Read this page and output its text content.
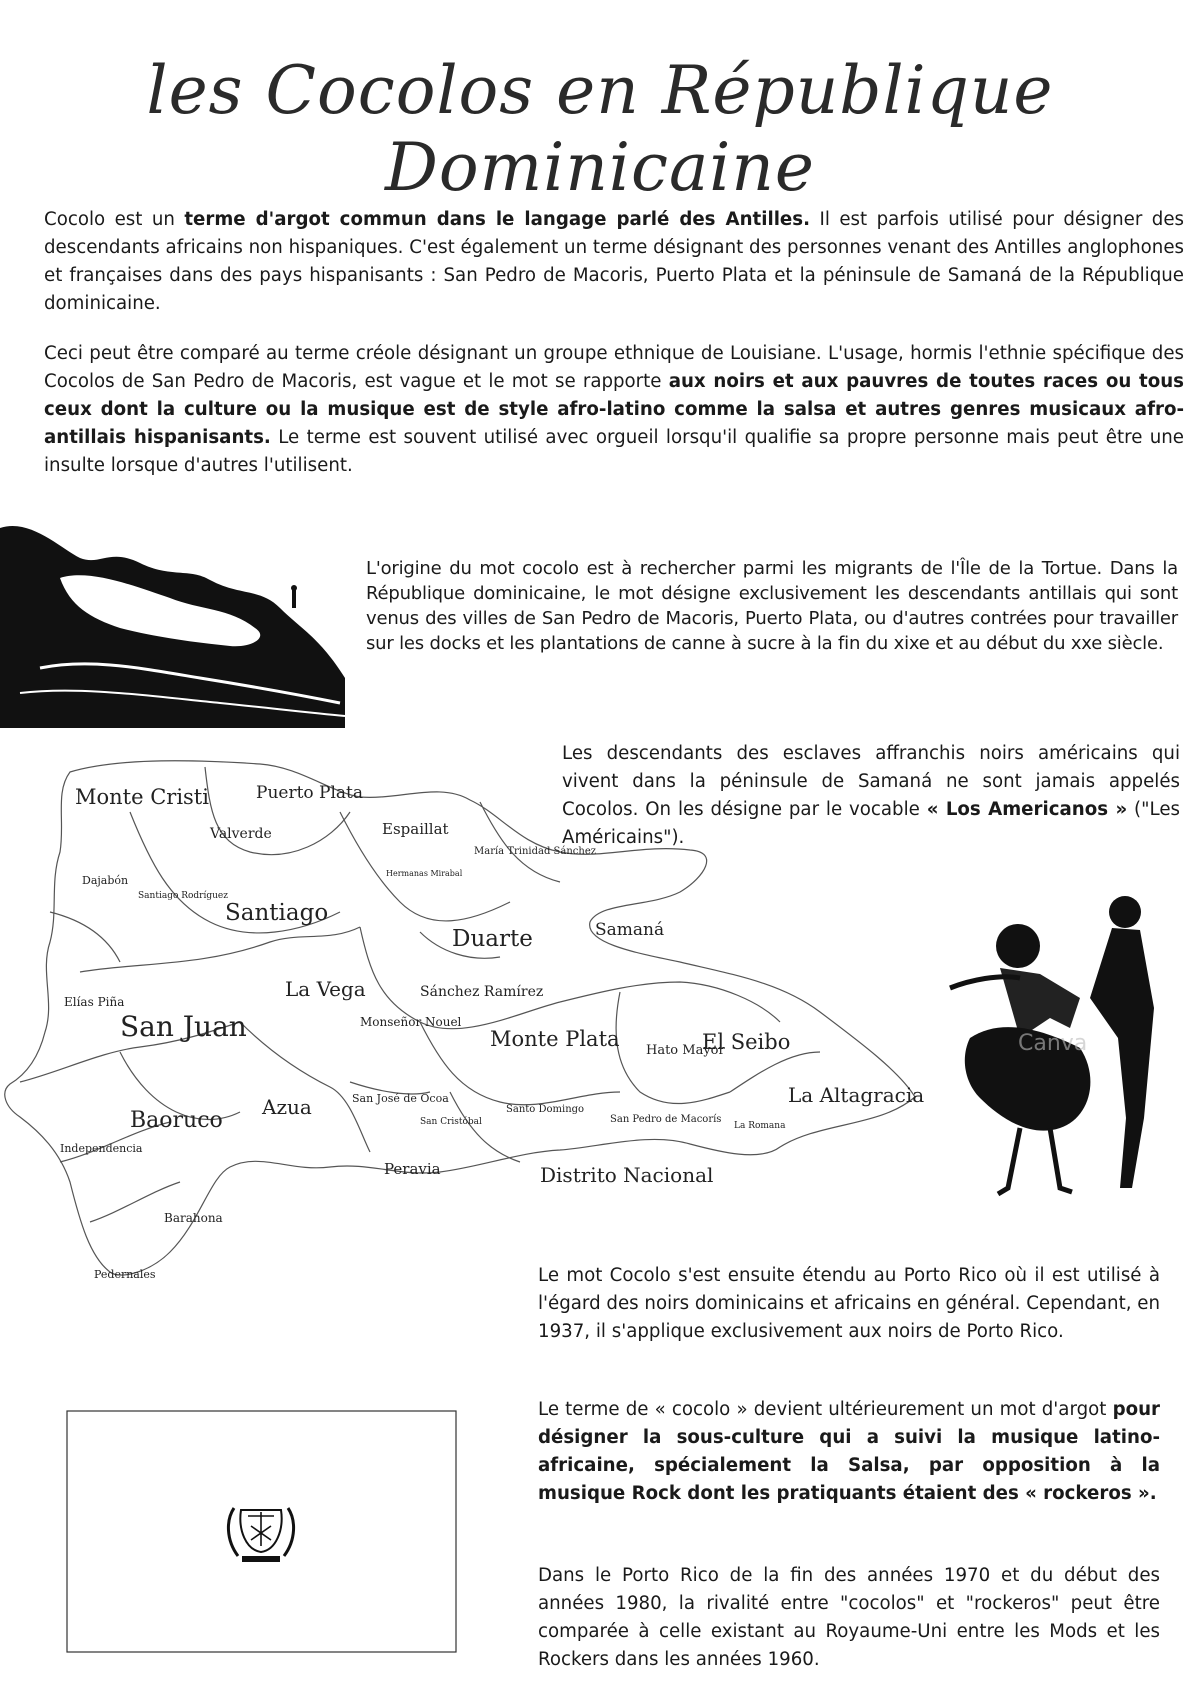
les Cocolos en République Dominicaine

Cocolo est un terme d'argot commun dans le langage parlé des Antilles. Il est parfois utilisé pour désigner des descendants africains non hispaniques. C'est également un terme désignant des personnes venant des Antilles anglophones et françaises dans des pays hispanisants : San Pedro de Macoris, Puerto Plata et la péninsule de Samaná de la République dominicaine.

Ceci peut être comparé au terme créole désignant un groupe ethnique de Louisiane. L'usage, hormis l'ethnie spécifique des Cocolos de San Pedro de Macoris, est vague et le mot se rapporte aux noirs et aux pauvres de toutes races ou tous ceux dont la culture ou la musique est de style afro-latino comme la salsa et autres genres musicaux afro-antillais hispanisants. Le terme est souvent utilisé avec orgueil lorsqu'il qualifie sa propre personne mais peut être une insulte lorsque d'autres l'utilisent.

L'origine du mot cocolo est à rechercher parmi les migrants de l'Île de la Tortue. Dans la République dominicaine, le mot désigne exclusivement les descendants antillais qui sont venus des villes de San Pedro de Macoris, Puerto Plata, ou d'autres contrées pour travailler sur les docks et les plantations de canne à sucre à la fin du xixe et au début du xxe siècle.

Monte Cristi	Puerto Plata
Valverde	Espaillat
María Trinidad Sánchez
Hermanas Mirabal
Dajabón
Santiago Rodríguez
Santiago
Duarte	Samaná
La Vega	Sánchez Ramírez
Elías Piña
San Juan	Monseñor Nouel
Monte Plata Hato Mayor
El Seibo
La Altagracia
Baoruco
Azua	San José de Ocoa
San Cristóbal
Santo Domingo
San Pedro de Macorís
La Romana
Independencia
Peravia	Distrito Nacional
Barahona
Pedernales

Les descendants des esclaves affranchis noirs américains qui vivent dans la péninsule de Samaná ne sont jamais appelés Cocolos. On les désigne par le vocable « Los Americanos » ("Les Américains").

Canva

Le mot Cocolo s'est ensuite étendu au Porto Rico où il est utilisé à l'égard des noirs dominicains et africains en général. Cependant, en 1937, il s'applique exclusivement aux noirs de Porto Rico.

Le terme de « cocolo » devient ultérieurement un mot d'argot pour désigner la sous-culture qui a suivi la musique latino-africaine, spécialement la Salsa, par opposition à la musique Rock dont les pratiquants étaient des « rockeros ».

Dans le Porto Rico de la fin des années 1970 et du début des années 1980, la rivalité entre "cocolos" et "rockeros" peut être comparée à celle existant au Royaume-Uni entre les Mods et les Rockers dans les années 1960.
